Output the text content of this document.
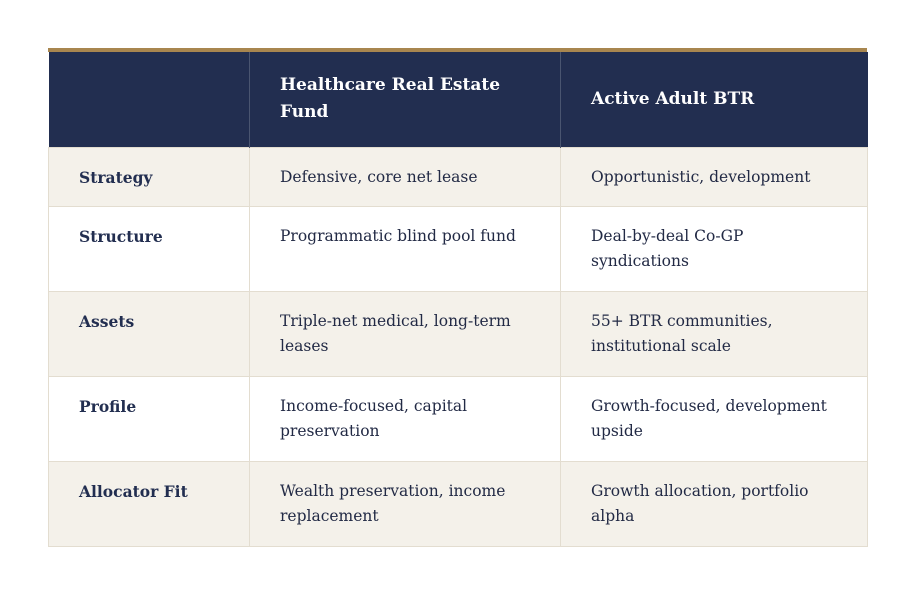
	Healthcare Real Estate Fund	Active Adult BTR
Strategy	Defensive, core net lease	Opportunistic, development
Structure	Programmatic blind pool fund	Deal-by-deal Co-GP syndications
Assets	Triple-net medical, long-term leases	55+ BTR communities, institutional scale
Profile	Income-focused, capital preservation	Growth-focused, development upside
Allocator Fit	Wealth preservation, income replacement	Growth allocation, portfolio alpha
